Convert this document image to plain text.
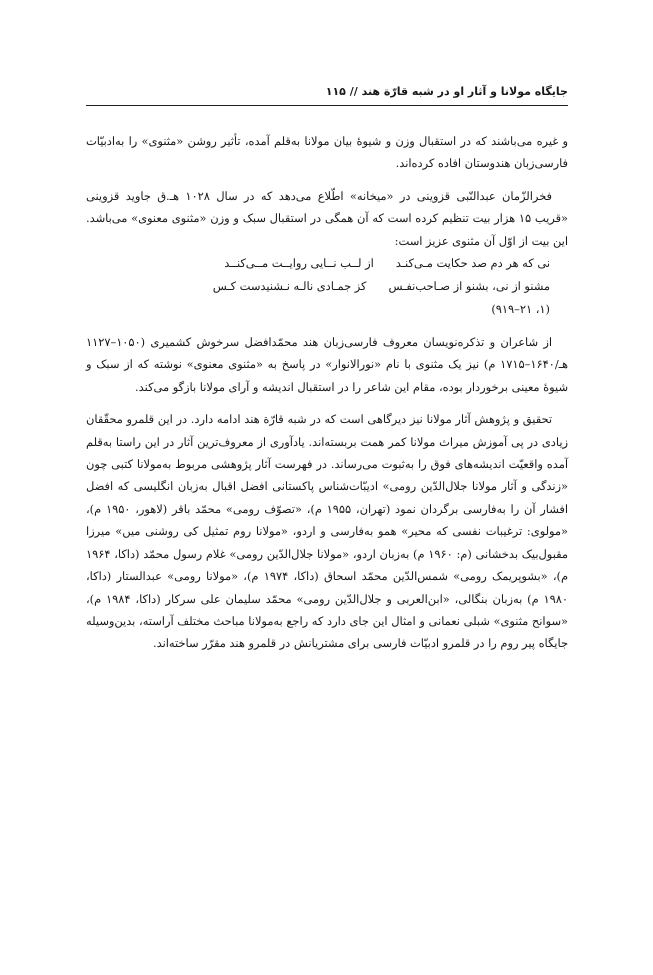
جایگاه مولانا و آثار او در شبه قارّة هند // ۱۱۵

و غیره می‌باشند که در استقبال وزن و شیوهٔ بیان مولانا به‌قلم آمده، تأثیر روشن «مثنوی» را به‌ادبیّات فارسی‌زبان هندوستان افاده کرده‌اند.

فخرالزّمان عبدالنّبی قزوینی در «میخانه» اطّلاع می‌دهد که در سال ۱۰۲۸ هـ.ق جاوید قزوینی «قریب ۱۵ هزار بیت تنظیم کرده است که آن همگی در استقبال سبک و وزن «مثنوی معنوی» می‌باشد. این بیت از اوّل آن مثنوی عزیز است:

نی که هر دم صد حکایت مـی‌کنـد
از لــب نــایی روایــت مــی‌کنــد
مشنو از نی، بشنو از صـاحب‌نفـس
کز جمـادی نالـه نـشنیدست کـس
(۱، ۲۱–۹۱۹)

از شاعران و تذکره‌نویسان معروف فارسی‌زبان هند محمّدافضل سرخوش کشمیری (۱۰۵۰–۱۱۲۷ هـ/۱۶۴۰–۱۷۱۵ م) نیز یک مثنوی با نام «نورالانوار» در پاسخ به «مثنوی معنوی» نوشته که از سبک و شیوهٔ معینی برخوردار بوده، مقام این شاعر را در استقبال اندیشه و آرای مولانا بازگو می‌کند.

تحقیق و پژوهش آثار مولانا نیز دیرگاهی است که در شبه قارّة هند ادامه دارد. در این قلمرو محقّقان زیادی در پی آموزش میراث مولانا کمر همت بربسته‌اند. یادآوری از معروف‌ترین آثار در این راستا به‌قلم آمده واقعیّت اندیشه‌های فوق را به‌ثبوت می‌رساند. در فهرست آثار پژوهشی مربوط به‌مولانا کتبی چون «زندگی و آثار مولانا جلال‌الدّین رومی» ادیبّات‌شناس پاکستانی افضل اقبال به‌زبان انگلیسی که افضل افشار آن را به‌فارسی برگردان نمود (تهران، ۱۹۵۵ م)، «تصوّف رومی» محمّد باقر (لاهور، ۱۹۵۰ م)، «مولوی: ترغیبات نفسی که محیر» همو به‌فارسی و اردو، «مولانا روم تمثیل کی روشنی میں» میرزا مقبول‌بیک بدخشانی (م: ۱۹۶۰ م) به‌زبان اردو، «مولانا جلال‌الدّین رومی» غلام رسول محمّد (داکا، ۱۹۶۴ م)، «بشوپریمک رومی» شمس‌الدّین محمّد اسحاق (داکا، ۱۹۷۴ م)، «مولانا رومی» عبدالستار (داکا، ۱۹۸۰ م) به‌زبان بنگالی، «ابن‌العربی و جلال‌الدّین رومی» محمّد سلیمان علی سرکار (داکا، ۱۹۸۴ م)، «سوانح مثنوی» شبلی نعمانی و امثال این جای دارد که راجع به‌مولانا مباحث مختلف آراسته، بدین‌وسیله جایگاه پیر روم را در قلمرو ادبیّات فارسی برای مشتریانش در قلمرو هند مقرّر ساخته‌اند.
